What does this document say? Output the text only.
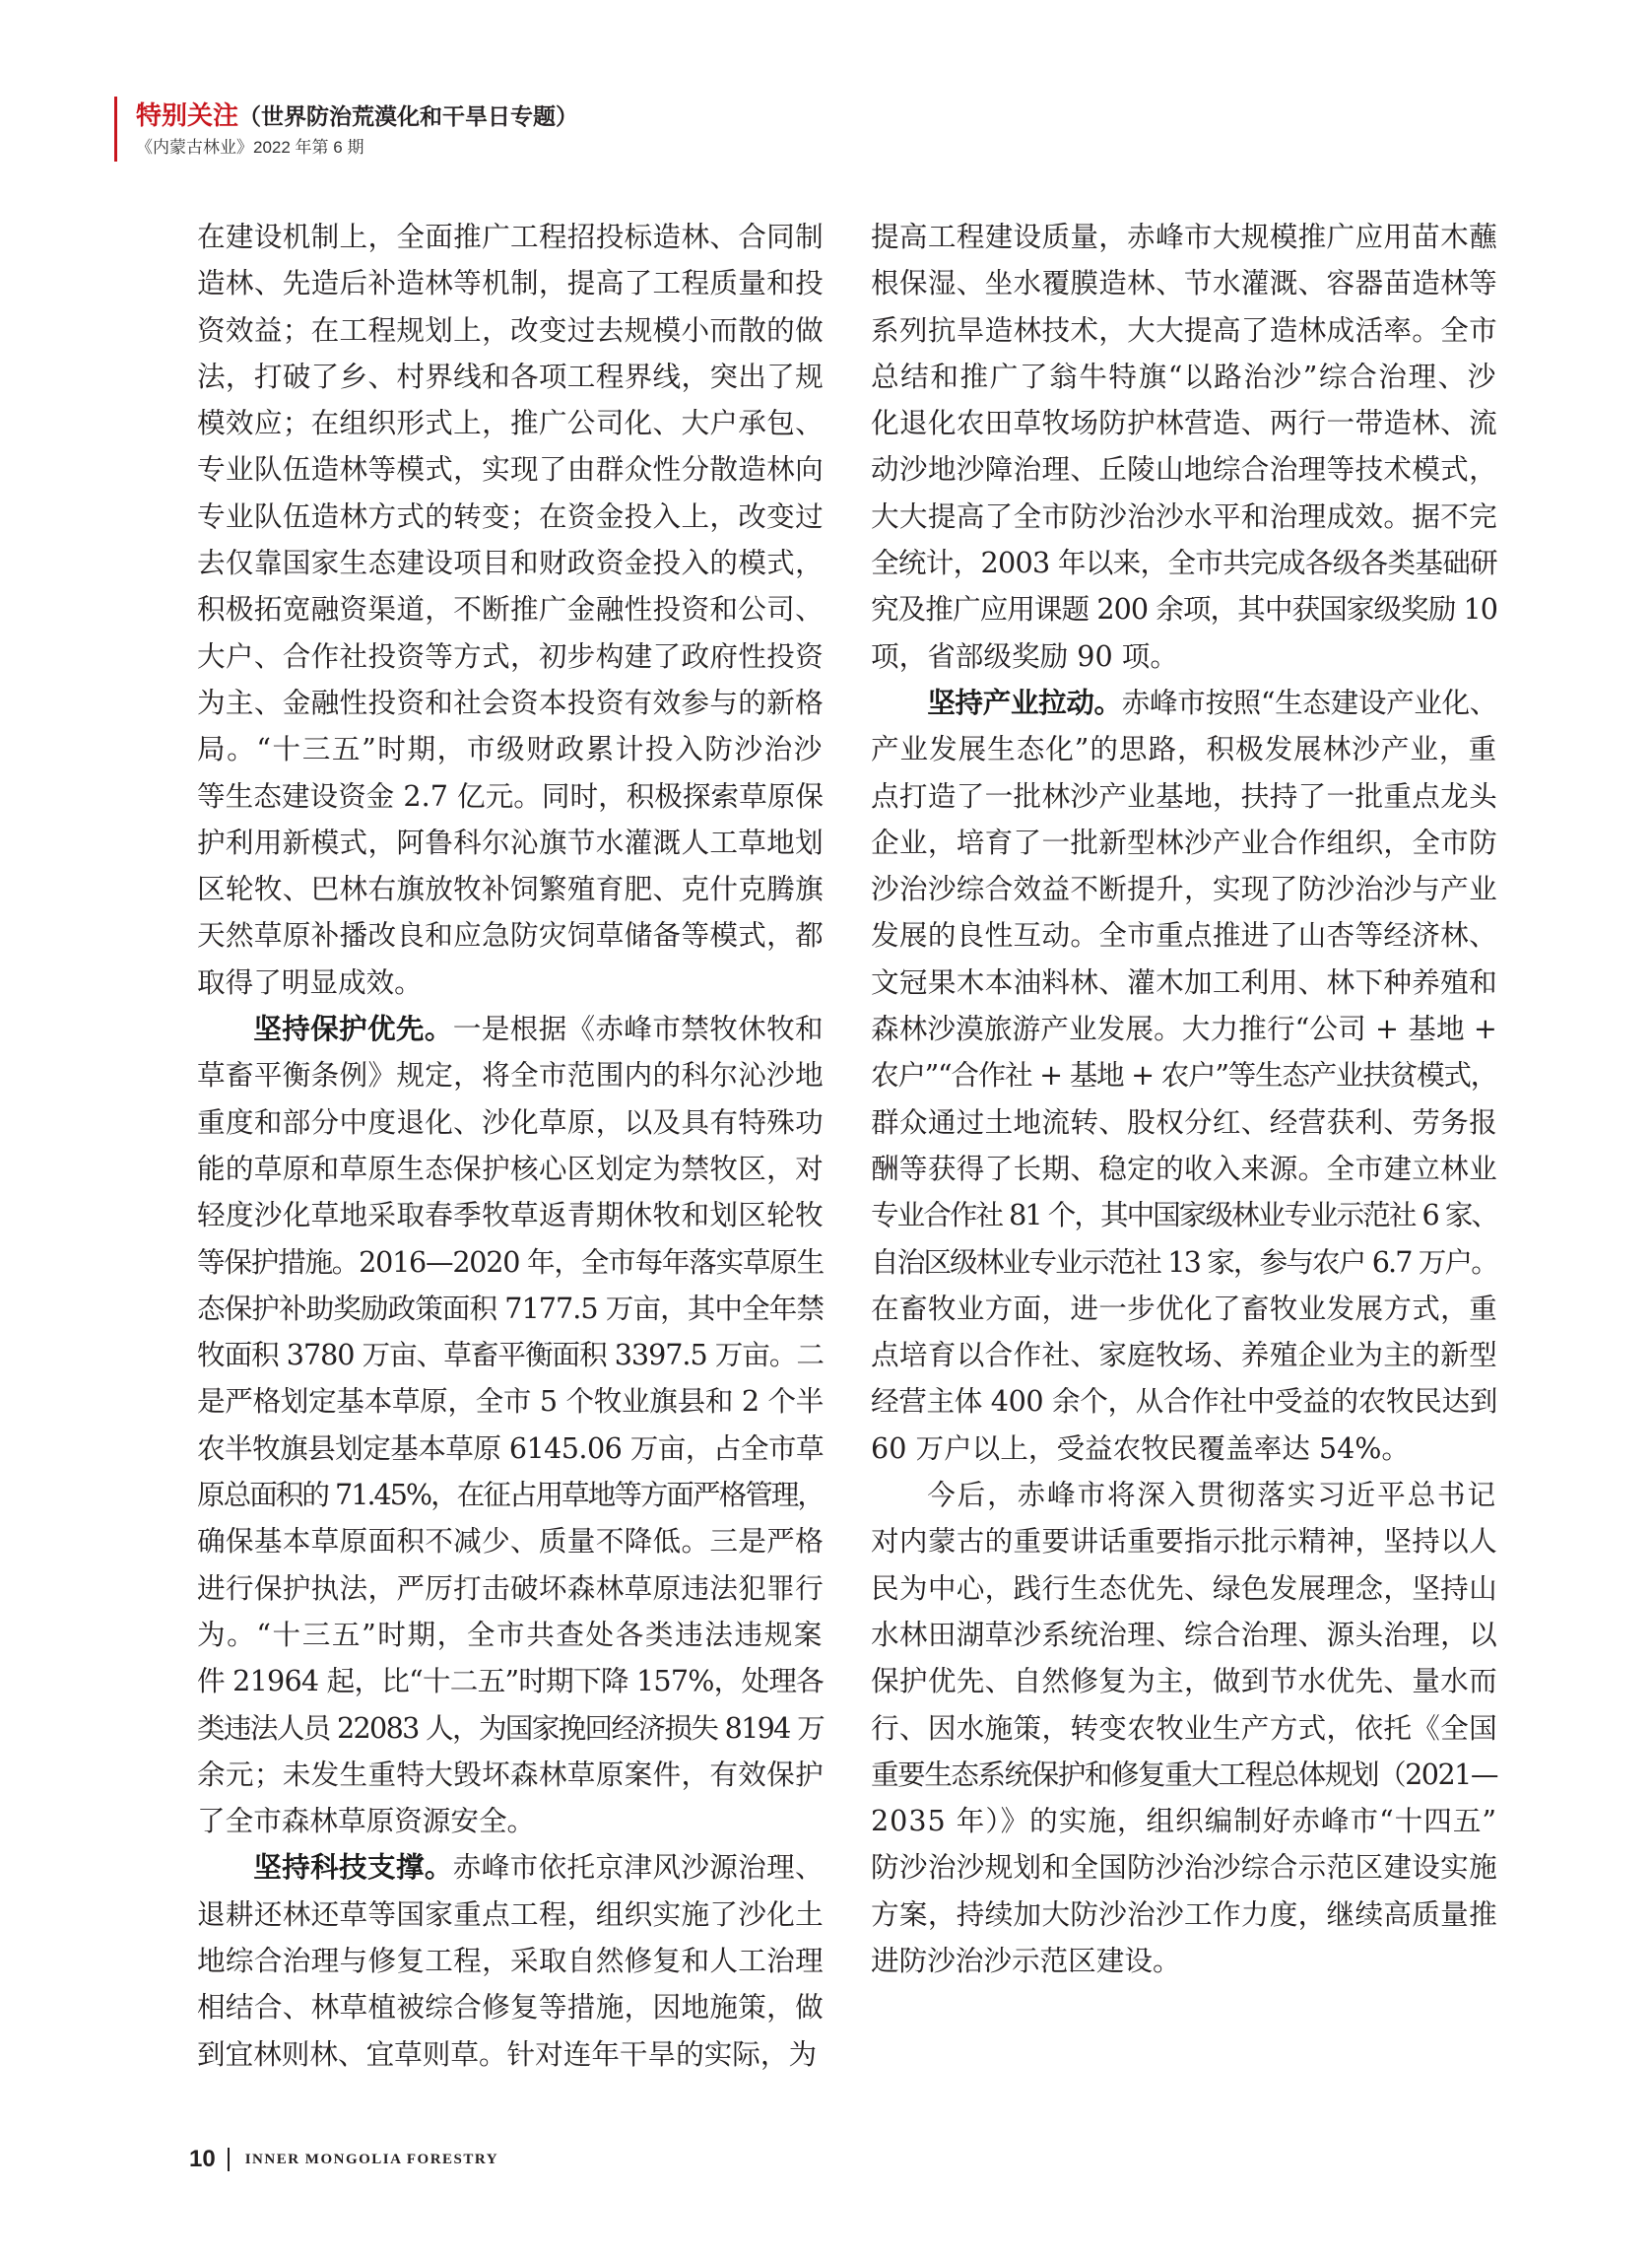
特别关注（世界防治荒漠化和干旱日专题）
《内蒙古林业》2022 年第 6 期
在建设机制上，全面推广工程招投标造林、合同制
造林、先造后补造林等机制，提高了工程质量和投
资效益；在工程规划上，改变过去规模小而散的做
法，打破了乡、村界线和各项工程界线，突出了规
模效应；在组织形式上，推广公司化、大户承包、
专业队伍造林等模式，实现了由群众性分散造林向
专业队伍造林方式的转变；在资金投入上，改变过
去仅靠国家生态建设项目和财政资金投入的模式，
积极拓宽融资渠道，不断推广金融性投资和公司、
大户、合作社投资等方式，初步构建了政府性投资
为主、金融性投资和社会资本投资有效参与的新格
局。“十三五”时期，市级财政累计投入防沙治沙
等生态建设资金 2.7 亿元。同时，积极探索草原保
护利用新模式，阿鲁科尔沁旗节水灌溉人工草地划
区轮牧、巴林右旗放牧补饲繁殖育肥、克什克腾旗
天然草原补播改良和应急防灾饲草储备等模式，都
取得了明显成效。
坚持保护优先。一是根据《赤峰市禁牧休牧和
草畜平衡条例》规定，将全市范围内的科尔沁沙地
重度和部分中度退化、沙化草原，以及具有特殊功
能的草原和草原生态保护核心区划定为禁牧区，对
轻度沙化草地采取春季牧草返青期休牧和划区轮牧
等保护措施。2016—2020 年，全市每年落实草原生
态保护补助奖励政策面积 7177.5 万亩，其中全年禁
牧面积 3780 万亩、草畜平衡面积 3397.5 万亩。二
是严格划定基本草原，全市 5 个牧业旗县和 2 个半
农半牧旗县划定基本草原 6145.06 万亩，占全市草
原总面积的 71.45%，在征占用草地等方面严格管理，
确保基本草原面积不减少、质量不降低。三是严格
进行保护执法，严厉打击破坏森林草原违法犯罪行
为。“十三五”时期，全市共查处各类违法违规案
件 21964 起，比“十二五”时期下降 157%，处理各
类违法人员 22083 人，为国家挽回经济损失 8194 万
余元；未发生重特大毁坏森林草原案件，有效保护
了全市森林草原资源安全。
坚持科技支撑。赤峰市依托京津风沙源治理、
退耕还林还草等国家重点工程，组织实施了沙化土
地综合治理与修复工程，采取自然修复和人工治理
相结合、林草植被综合修复等措施，因地施策，做
到宜林则林、宜草则草。针对连年干旱的实际，为
提高工程建设质量，赤峰市大规模推广应用苗木蘸
根保湿、坐水覆膜造林、节水灌溉、容器苗造林等
系列抗旱造林技术，大大提高了造林成活率。全市
总结和推广了翁牛特旗“以路治沙”综合治理、沙
化退化农田草牧场防护林营造、两行一带造林、流
动沙地沙障治理、丘陵山地综合治理等技术模式，
大大提高了全市防沙治沙水平和治理成效。据不完
全统计，2003 年以来，全市共完成各级各类基础研
究及推广应用课题 200 余项，其中获国家级奖励 10
项，省部级奖励 90 项。
坚持产业拉动。赤峰市按照“生态建设产业化、
产业发展生态化”的思路，积极发展林沙产业，重
点打造了一批林沙产业基地，扶持了一批重点龙头
企业，培育了一批新型林沙产业合作组织，全市防
沙治沙综合效益不断提升，实现了防沙治沙与产业
发展的良性互动。全市重点推进了山杏等经济林、
文冠果木本油料林、灌木加工利用、林下种养殖和
森林沙漠旅游产业发展。大力推行“公司 + 基地 +
农户”“合作社 + 基地 + 农户”等生态产业扶贫模式，
群众通过土地流转、股权分红、经营获利、劳务报
酬等获得了长期、稳定的收入来源。全市建立林业
专业合作社 81 个，其中国家级林业专业示范社 6 家、
自治区级林业专业示范社 13 家，参与农户 6.7 万户。
在畜牧业方面，进一步优化了畜牧业发展方式，重
点培育以合作社、家庭牧场、养殖企业为主的新型
经营主体 400 余个，从合作社中受益的农牧民达到
60 万户以上，受益农牧民覆盖率达 54%。
今后，赤峰市将深入贯彻落实习近平总书记
对内蒙古的重要讲话重要指示批示精神，坚持以人
民为中心，践行生态优先、绿色发展理念，坚持山
水林田湖草沙系统治理、综合治理、源头治理，以
保护优先、自然修复为主，做到节水优先、量水而
行、因水施策，转变农牧业生产方式，依托《全国
重要生态系统保护和修复重大工程总体规划（2021—
2035 年）》的实施，组织编制好赤峰市“十四五”
防沙治沙规划和全国防沙治沙综合示范区建设实施
方案，持续加大防沙治沙工作力度，继续高质量推
进防沙治沙示范区建设。
10 INNER MONGOLIA FORESTRY
